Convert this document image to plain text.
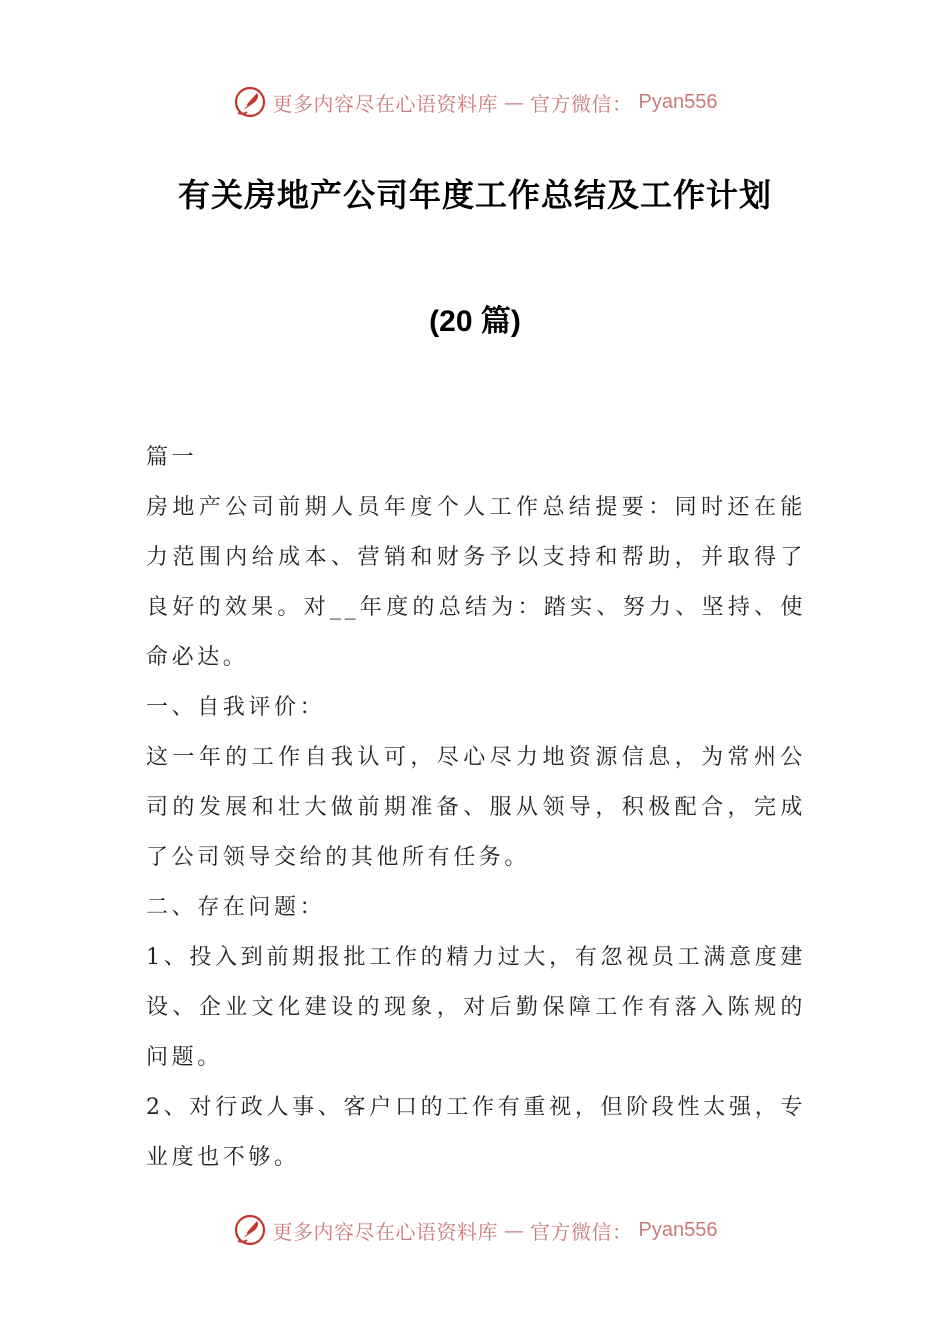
更多内容尽在心语资料库 — 官方微信： Pyan556
有关房地产公司年度工作总结及工作计划
(20 篇)

篇一

房地产公司前期人员年度个人工作总结提要：同时还在能力范围内给成本、营销和财务予以支持和帮助，并取得了良好的效果。对__年度的总结为：踏实、努力、坚持、使命必达。

一、自我评价：

这一年的工作自我认可，尽心尽力地资源信息，为常州公司的发展和壮大做前期准备、服从领导，积极配合，完成了公司领导交给的其他所有任务。

二、存在问题：

1、投入到前期报批工作的精力过大，有忽视员工满意度建设、企业文化建设的现象，对后勤保障工作有落入陈规的问题。

2、对行政人事、客户口的工作有重视，但阶段性太强，专业度也不够。

更多内容尽在心语资料库 — 官方微信： Pyan556
